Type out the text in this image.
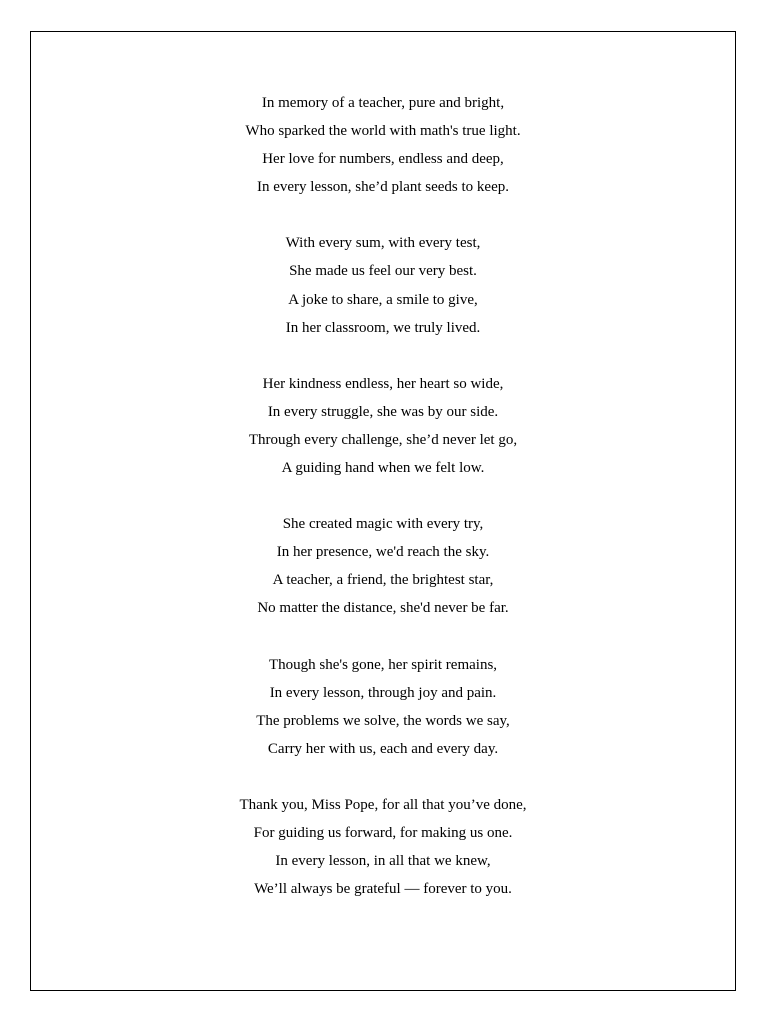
In memory of a teacher, pure and bright,
Who sparked the world with math's true light.
Her love for numbers, endless and deep,
In every lesson, she’d plant seeds to keep.
With every sum, with every test,
She made us feel our very best.
A joke to share, a smile to give,
In her classroom, we truly lived.
Her kindness endless, her heart so wide,
In every struggle, she was by our side.
Through every challenge, she’d never let go,
A guiding hand when we felt low.
She created magic with every try,
In her presence, we'd reach the sky.
A teacher, a friend, the brightest star,
No matter the distance, she'd never be far.
Though she's gone, her spirit remains,
In every lesson, through joy and pain.
The problems we solve, the words we say,
Carry her with us, each and every day.
Thank you, Miss Pope, for all that you’ve done,
For guiding us forward, for making us one.
In every lesson, in all that we knew,
We’ll always be grateful — forever to you.
